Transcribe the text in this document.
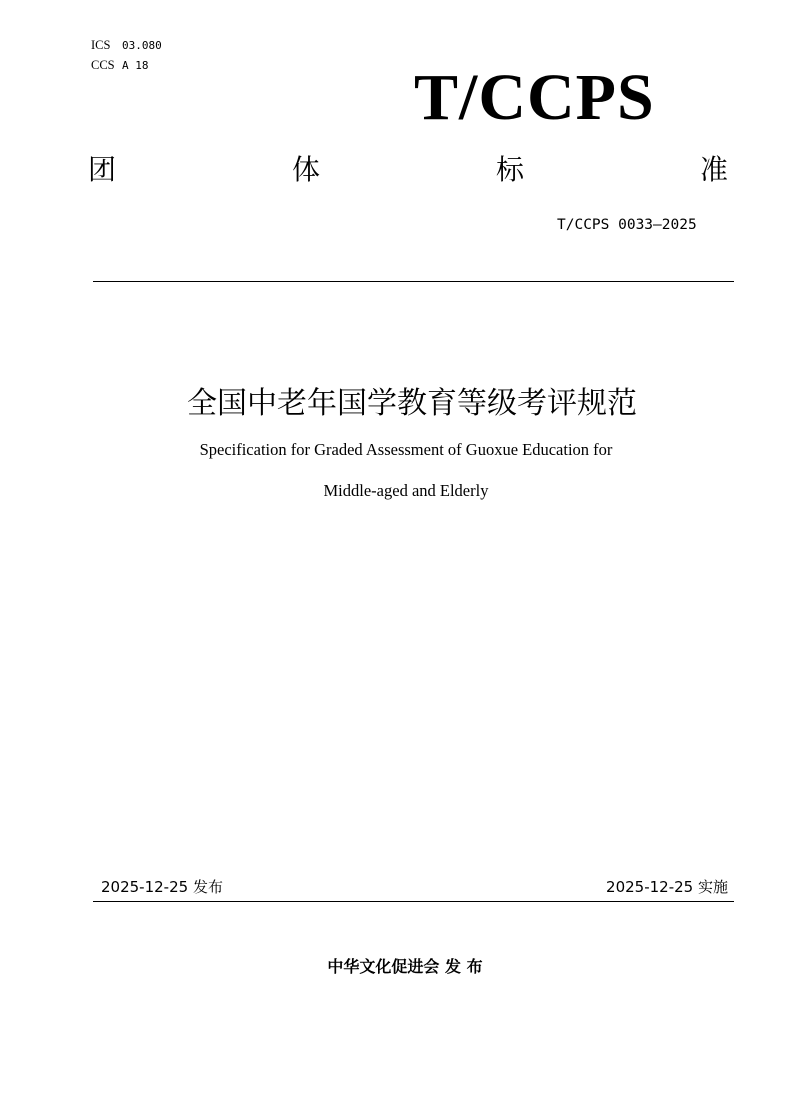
ICS 03.080
CCS A 18	T/CCPS
团	体	标	准
T/CCPS 0033—2025
全国中老年国学教育等级考评规范
Specification for Graded Assessment of Guoxue Education for
Middle-aged and Elderly
2025-12-25 发布	2025-12-25 实施
中华文化促进会 发 布
